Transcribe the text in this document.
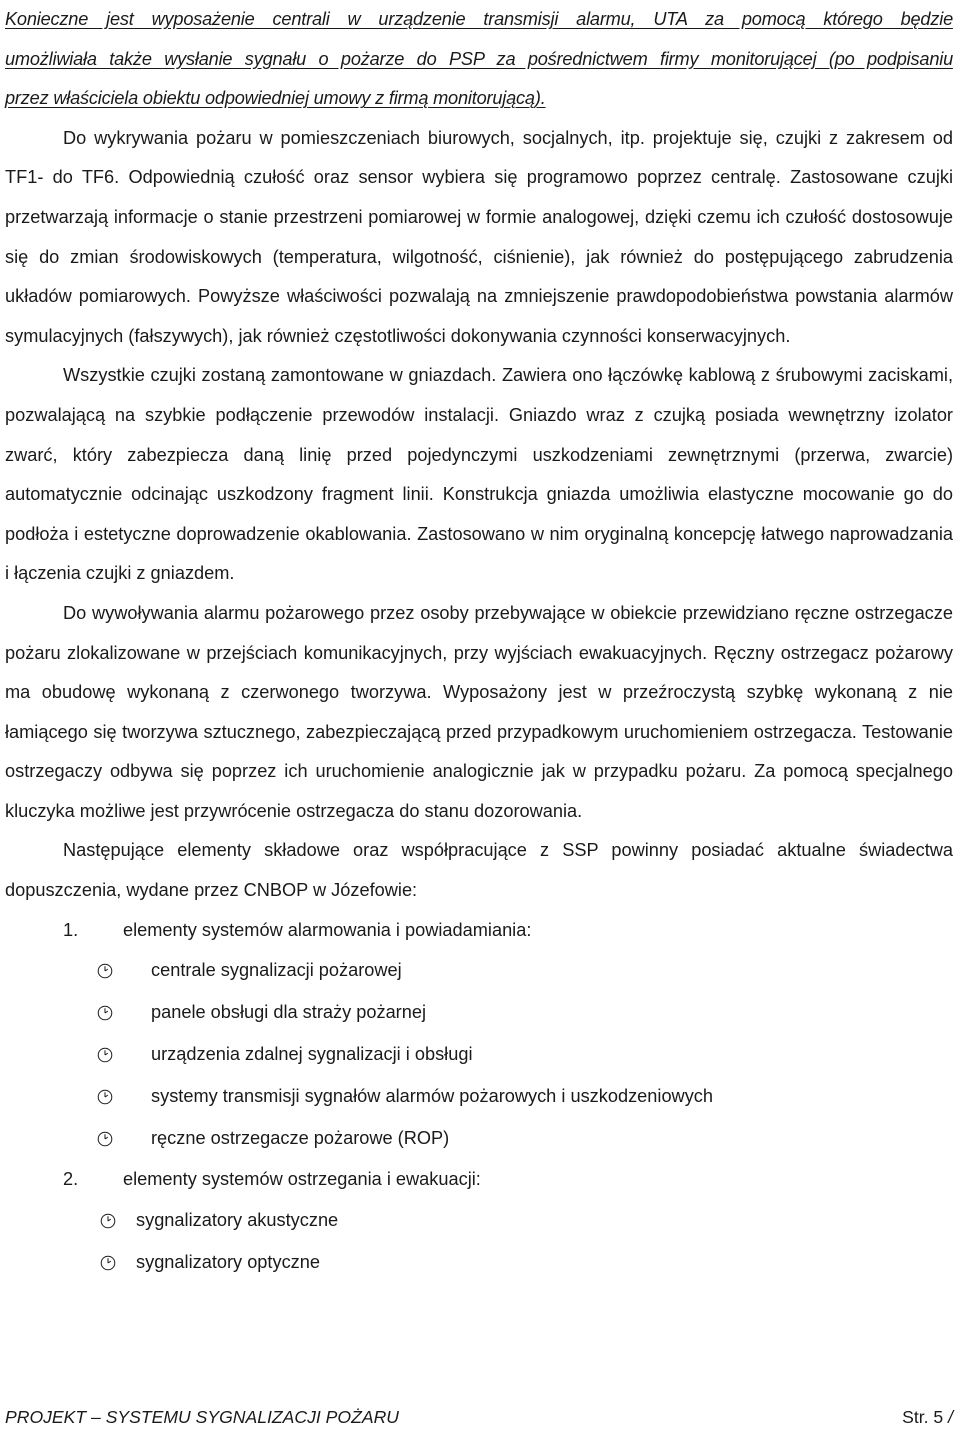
Konieczne jest wyposażenie centrali w urządzenie transmisji alarmu, UTA za pomocą którego będzie

umożliwiała także wysłanie sygnału o pożarze do PSP za pośrednictwem firmy monitorującej (po podpisaniu

przez właściciela obiektu odpowiedniej umowy z firmą monitorującą).

Do wykrywania pożaru w pomieszczeniach biurowych, socjalnych, itp. projektuje się, czujki z zakresem od TF1- do TF6. Odpowiednią czułość oraz sensor wybiera się programowo poprzez centralę. Zastosowane czujki przetwarzają informacje o stanie przestrzeni pomiarowej w formie analogowej, dzięki czemu ich czułość dostosowuje się do zmian środowiskowych (temperatura, wilgotność, ciśnienie), jak również do postępującego zabrudzenia układów pomiarowych. Powyższe właściwości pozwalają na zmniejszenie prawdopodobieństwa powstania alarmów symulacyjnych (fałszywych), jak również częstotliwości dokonywania czynności konserwacyjnych.

Wszystkie czujki zostaną zamontowane w gniazdach. Zawiera ono łączówkę kablową z śrubowymi zaciskami, pozwalającą na szybkie podłączenie przewodów instalacji. Gniazdo wraz z czujką posiada wewnętrzny izolator zwarć, który zabezpiecza daną linię przed pojedynczymi uszkodzeniami zewnętrznymi (przerwa, zwarcie) automatycznie odcinając uszkodzony fragment linii. Konstrukcja gniazda umożliwia elastyczne mocowanie go do podłoża i estetyczne doprowadzenie okablowania. Zastosowano w nim oryginalną koncepcję łatwego naprowadzania i łączenia czujki z gniazdem.

Do wywoływania alarmu pożarowego przez osoby przebywające w obiekcie przewidziano ręczne ostrzegacze pożaru zlokalizowane w przejściach komunikacyjnych, przy wyjściach ewakuacyjnych. Ręczny ostrzegacz pożarowy ma obudowę wykonaną z czerwonego tworzywa. Wyposażony jest w przeźroczystą szybkę wykonaną z nie łamiącego się tworzywa sztucznego, zabezpieczającą przed przypadkowym uruchomieniem ostrzegacza. Testowanie ostrzegaczy odbywa się poprzez ich uruchomienie analogicznie jak w przypadku pożaru. Za pomocą specjalnego kluczyka możliwe jest przywrócenie ostrzegacza do stanu dozorowania.

Następujące elementy składowe oraz współpracujące z SSP powinny posiadać aktualne świadectwa dopuszczenia, wydane przez CNBOP w Józefowie:

1.	elementy systemów alarmowania i powiadamiania:
centrale sygnalizacji pożarowej
panele obsługi dla straży pożarnej
urządzenia zdalnej sygnalizacji i obsługi
systemy transmisji sygnałów alarmów pożarowych i uszkodzeniowych
ręczne ostrzegacze pożarowe (ROP)
2.	elementy systemów ostrzegania i ewakuacji:
sygnalizatory akustyczne
sygnalizatory optyczne
PROJEKT – SYSTEMU SYGNALIZACJI POŻARU	Str. 5 /
